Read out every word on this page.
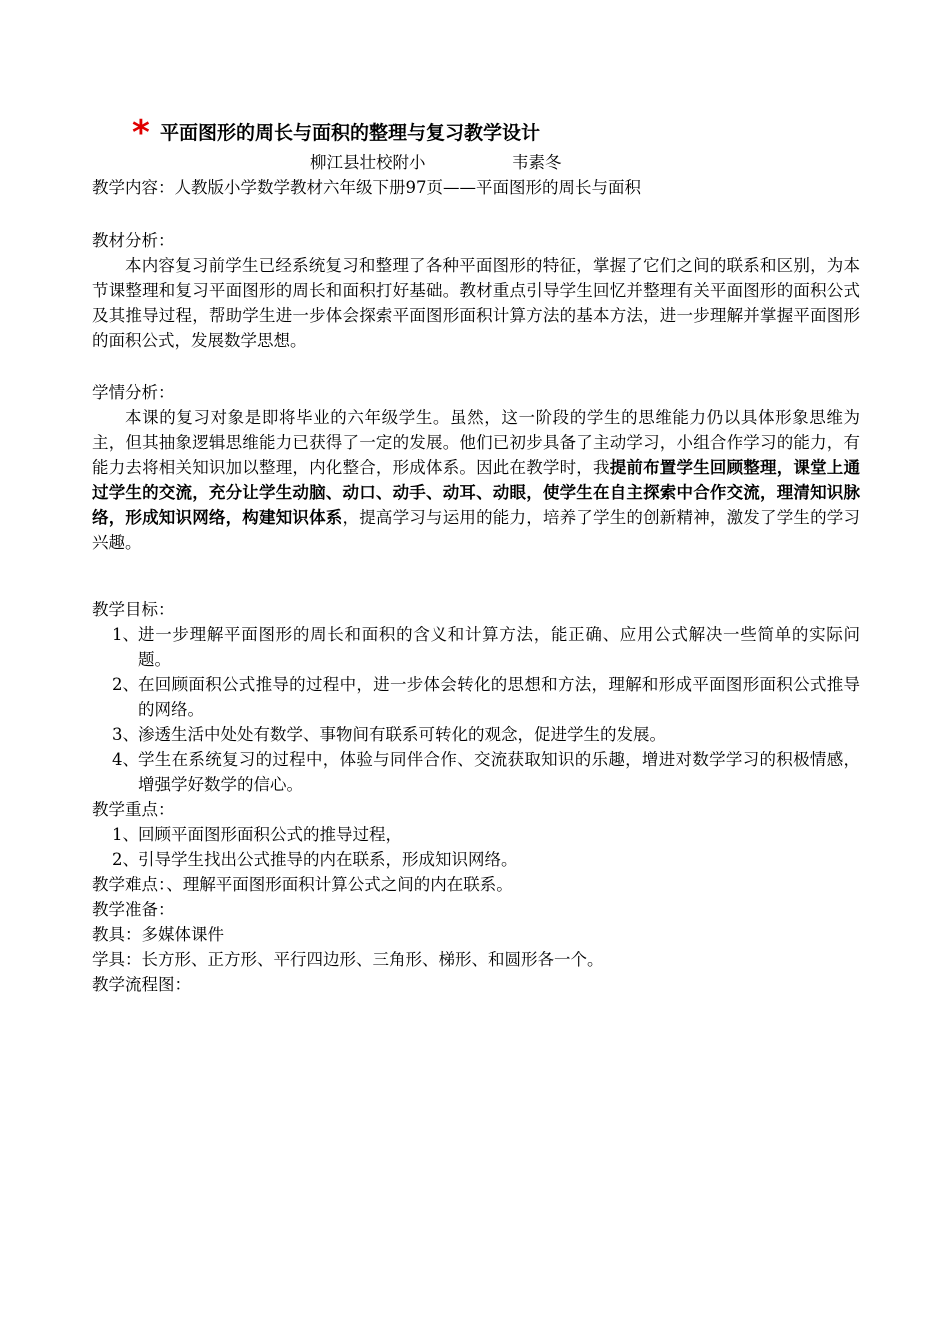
* 平面图形的周长与面积的整理与复习教学设计
柳江县壮校附小	韦素冬
教学内容：人教版小学数学教材六年级下册97页——平面图形的周长与面积
教材分析：
本内容复习前学生已经系统复习和整理了各种平面图形的特征，掌握了它们之间的联系和区别，为本节课整理和复习平面图形的周长和面积打好基础。教材重点引导学生回忆并整理有关平面图形的面积公式及其推导过程，帮助学生进一步体会探索平面图形面积计算方法的基本方法，进一步理解并掌握平面图形的面积公式，发展数学思想。
学情分析：
本课的复习对象是即将毕业的六年级学生。虽然，这一阶段的学生的思维能力仍以具体形象思维为主，但其抽象逻辑思维能力已获得了一定的发展。他们已初步具备了主动学习，小组合作学习的能力，有能力去将相关知识加以整理，内化整合，形成体系。因此在教学时，我提前布置学生回顾整理，课堂上通过学生的交流，充分让学生动脑、动口、动手、动耳、动眼，使学生在自主探索中合作交流，理清知识脉络，形成知识网络，构建知识体系，提高学习与运用的能力，培养了学生的创新精神，激发了学生的学习兴趣。
教学目标：
1、 进一步理解平面图形的周长和面积的含义和计算方法，能正确、应用公式解决一些简单的实际问题。
2、 在回顾面积公式推导的过程中，进一步体会转化的思想和方法，理解和形成平面图形面积公式推导的网络。
3、 渗透生活中处处有数学、事物间有联系可转化的观念，促进学生的发展。
4、 学生在系统复习的过程中，体验与同伴合作、交流获取知识的乐趣，增进对数学学习的积极情感，增强学好数学的信心。
教学重点：
1、 回顾平面图形面积公式的推导过程，
2、 引导学生找出公式推导的内在联系，形成知识网络。
教学难点：、理解平面图形面积计算公式之间的内在联系。
教学准备：
教具：多媒体课件
学具：长方形、正方形、平行四边形、三角形、梯形、和圆形各一个。
教学流程图：
